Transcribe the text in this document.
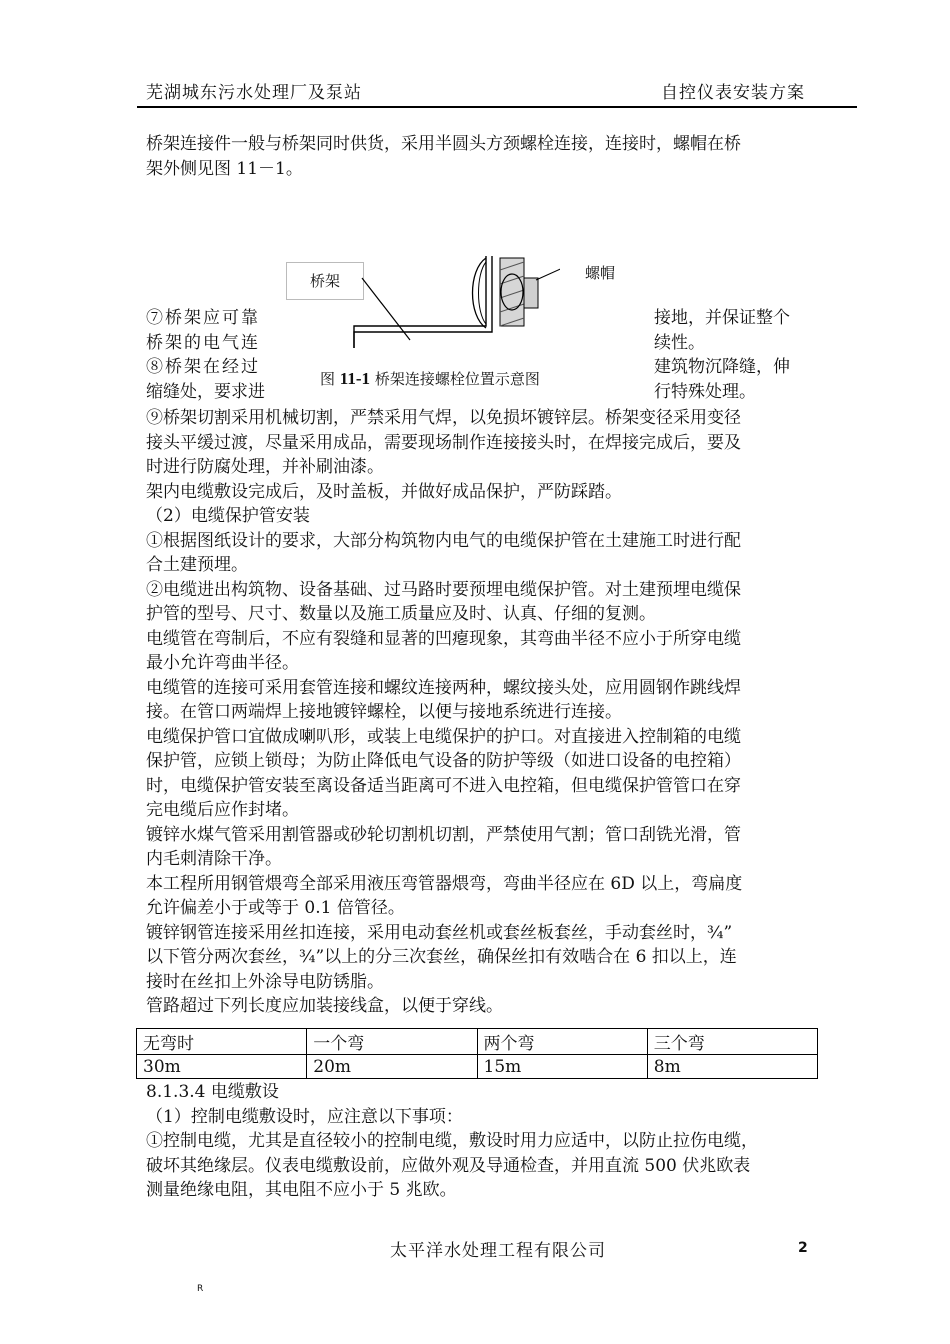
芜湖城东污水处理厂及泵站	自控仪表安装方案
桥架连接件一般与桥架同时供货，采用半圆头方颈螺栓连接，连接时，螺帽在桥
架外侧见图 11－1。
桥架	螺帽
图 11-1 桥架连接螺栓位置示意图
⑦桥架应可靠
桥架的电气连
⑧桥架在经过
缩缝处，要求进
接地，并保证整个
续性。
建筑物沉降缝，伸
行特殊处理。
⑨桥架切割采用机械切割，严禁采用气焊，以免损坏镀锌层。桥架变径采用变径
接头平缓过渡，尽量采用成品，需要现场制作连接接头时，在焊接完成后，要及
时进行防腐处理，并补刷油漆。
架内电缆敷设完成后，及时盖板，并做好成品保护，严防踩踏。
（2）电缆保护管安装
①根据图纸设计的要求，大部分构筑物内电气的电缆保护管在土建施工时进行配
合土建预埋。
②电缆进出构筑物、设备基础、过马路时要预埋电缆保护管。对土建预埋电缆保
护管的型号、尺寸、数量以及施工质量应及时、认真、仔细的复测。
电缆管在弯制后，不应有裂缝和显著的凹瘪现象，其弯曲半径不应小于所穿电缆
最小允许弯曲半径。
电缆管的连接可采用套管连接和螺纹连接两种，螺纹接头处，应用圆钢作跳线焊
接。在管口两端焊上接地镀锌螺栓，以便与接地系统进行连接。
电缆保护管口宜做成喇叭形，或装上电缆保护的护口。对直接进入控制箱的电缆
保护管，应锁上锁母；为防止降低电气设备的防护等级（如进口设备的电控箱）
时，电缆保护管安装至离设备适当距离可不进入电控箱，但电缆保护管管口在穿
完电缆后应作封堵。
镀锌水煤气管采用割管器或砂轮切割机切割，严禁使用气割；管口刮铣光滑，管
内毛刺清除干净。
本工程所用钢管煨弯全部采用液压弯管器煨弯，弯曲半径应在 6D 以上，弯扁度
允许偏差小于或等于 0.1 倍管径。
镀锌钢管连接采用丝扣连接，采用电动套丝机或套丝板套丝，手动套丝时，¾”
以下管分两次套丝，¾”以上的分三次套丝，确保丝扣有效啮合在 6 扣以上，连
接时在丝扣上外涂导电防锈脂。
管路超过下列长度应加装接线盒，以便于穿线。
无弯时	一个弯	两个弯	三个弯
30m	20m	15m	8m
8.1.3.4 电缆敷设
（1）控制电缆敷设时，应注意以下事项：
①控制电缆，尤其是直径较小的控制电缆，敷设时用力应适中，以防止拉伤电缆，
破坏其绝缘层。仪表电缆敷设前，应做外观及导通检查，并用直流 500 伏兆欧表
测量绝缘电阻，其电阻不应小于 5 兆欧。
太平洋水处理工程有限公司	2
R
